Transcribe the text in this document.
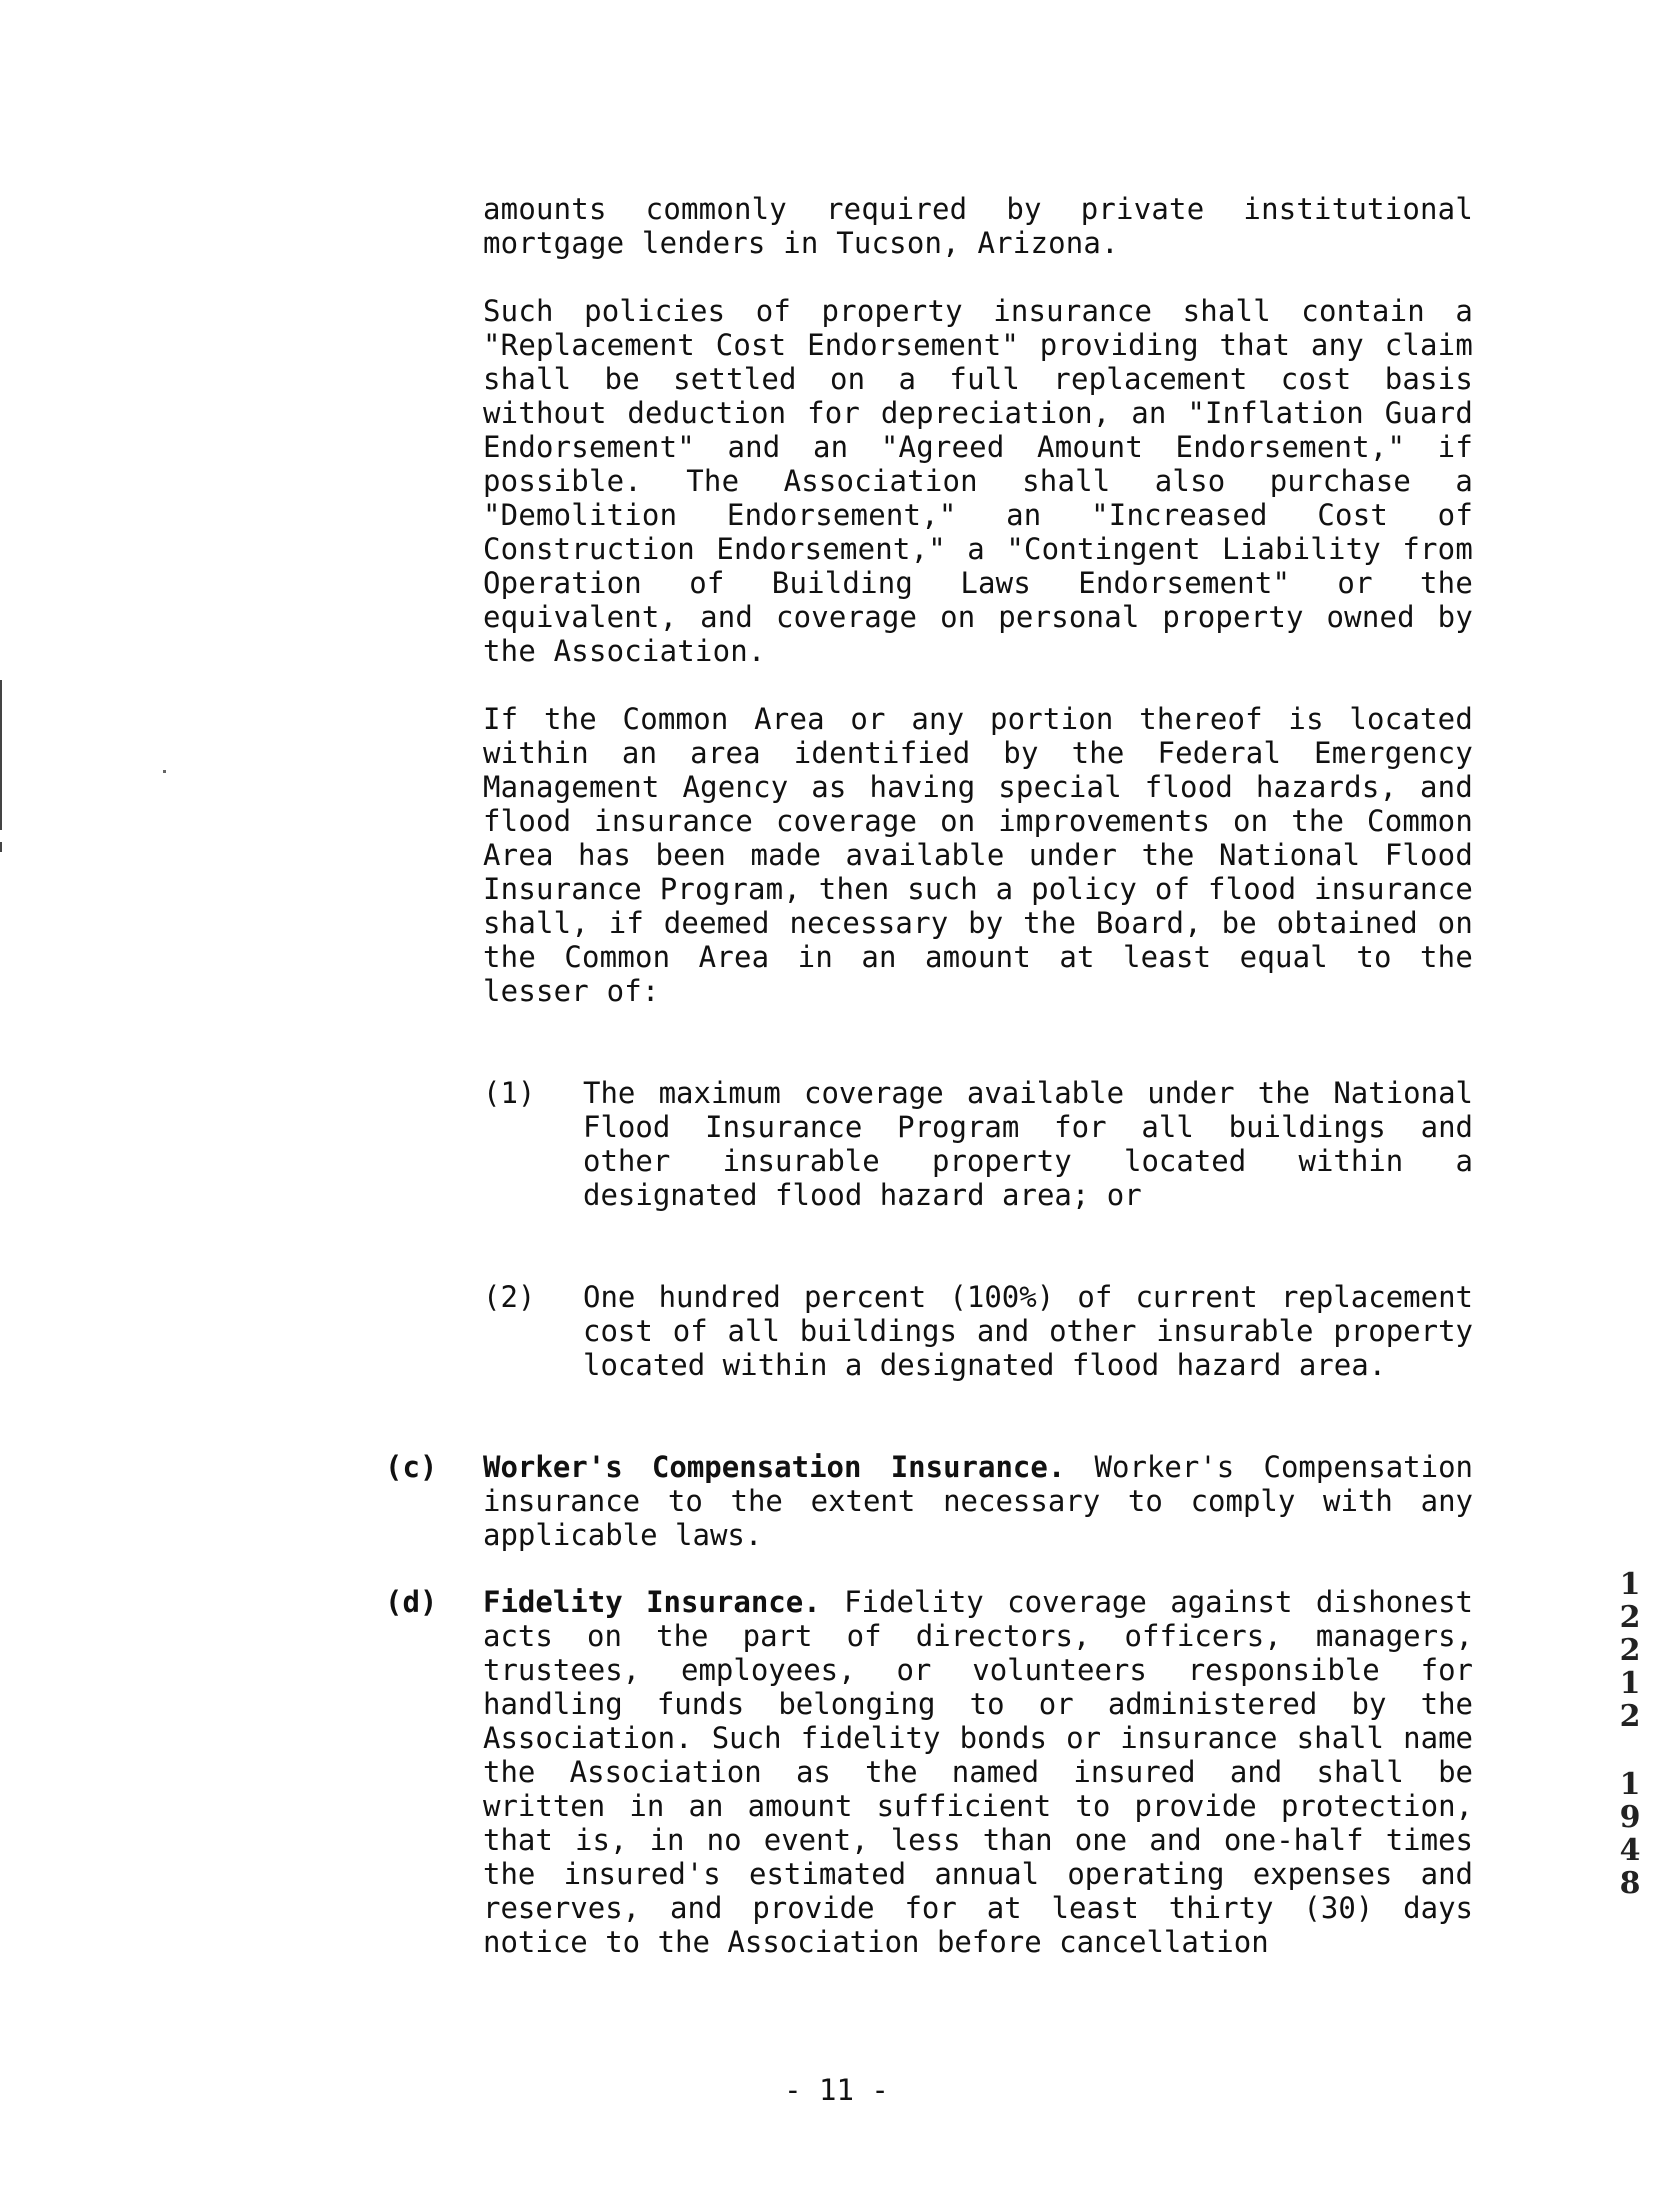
amounts commonly required by private institutional mortgage lenders in Tucson, Arizona.

Such policies of property insurance shall contain a "Replacement Cost Endorsement" providing that any claim shall be settled on a full replacement cost basis without deduction for depreciation, an "Inflation Guard Endorsement" and an "Agreed Amount Endorsement," if possible. The Association shall also purchase a "Demolition Endorsement," an "Increased Cost of Construction Endorsement," a "Contingent Liability from Operation of Building Laws Endorsement" or the equivalent, and coverage on personal property owned by the Association.

If the Common Area or any portion thereof is located within an area identified by the Federal Emergency Management Agency as having special flood hazards, and flood insurance coverage on improvements on the Common Area has been made available under the National Flood Insurance Program, then such a policy of flood insurance shall, if deemed necessary by the Board, be obtained on the Common Area in an amount at least equal to the lesser of:

(1) The maximum coverage available under the National Flood Insurance Program for all buildings and other insurable property located within a designated flood hazard area; or

(2) One hundred percent (100%) of current replacement cost of all buildings and other insurable property located within a designated flood hazard area.

(c) Worker's Compensation Insurance. Worker's Compensation insurance to the extent necessary to comply with any applicable laws.

(d) Fidelity Insurance. Fidelity coverage against dishonest acts on the part of directors, officers, managers, trustees, employees, or volunteers responsible for handling funds belonging to or administered by the Association. Such fidelity bonds or insurance shall name the Association as the named insured and shall be written in an amount sufficient to provide protection, that is, in no event, less than one and one-half times the insured's estimated annual operating expenses and reserves, and provide for at least thirty (30) days notice to the Association before cancellation

1
2
2
1
2
1
9
4
8
- 11 -
